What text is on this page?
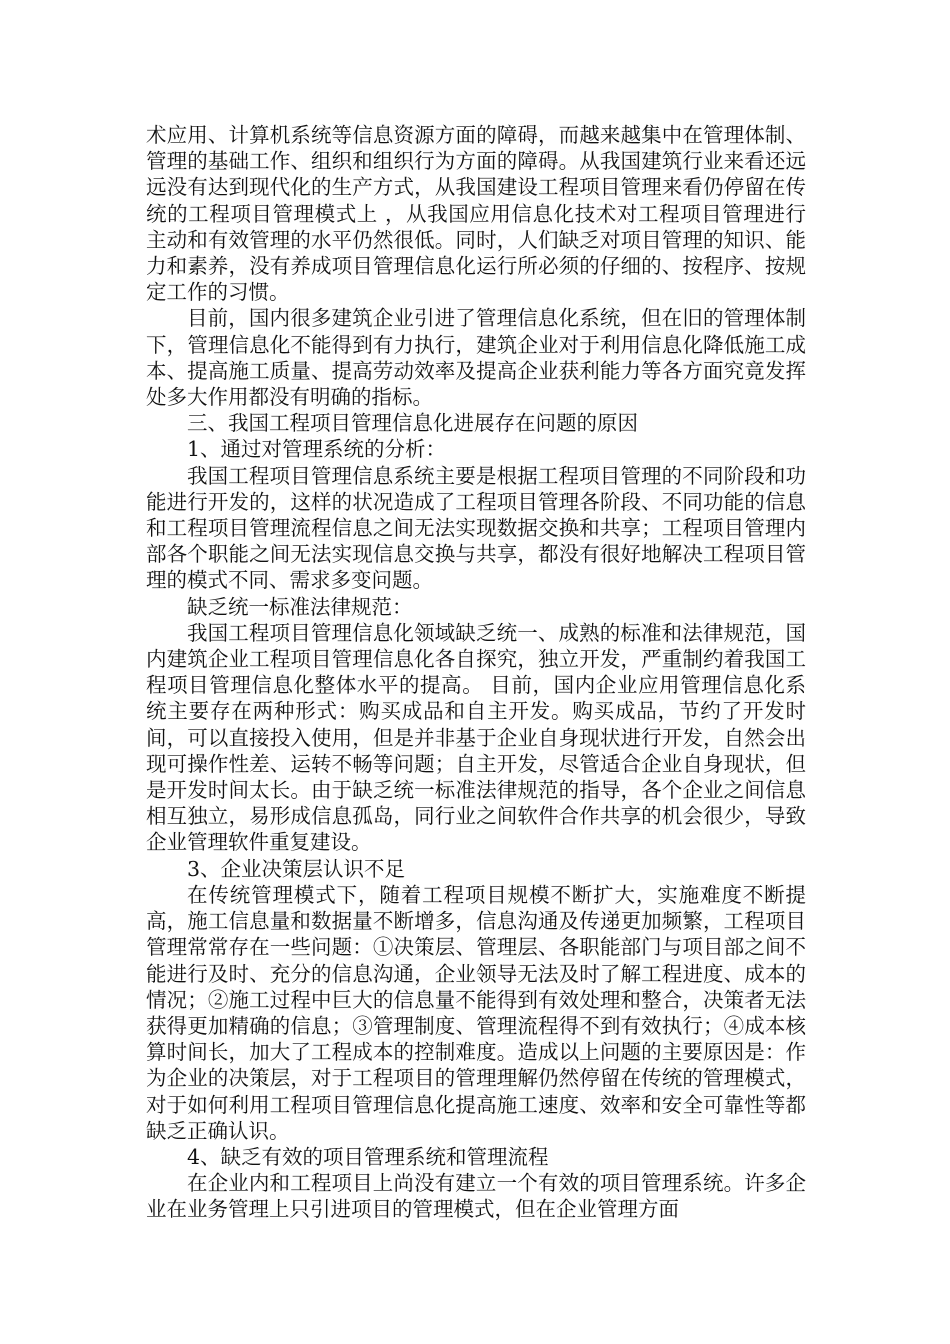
术应用、计算机系统等信息资源方面的障碍，而越来越集中在管理体制、管理的基础工作、组织和组织行为方面的障碍。从我国建筑行业来看还远远没有达到现代化的生产方式，从我国建设工程项目管理来看仍停留在传统的工程项目管理模式上 ，从我国应用信息化技术对工程项目管理进行主动和有效管理的水平仍然很低。同时，人们缺乏对项目管理的知识、能力和素养，没有养成项目管理信息化运行所必须的仔细的、按程序、按规定工作的习惯。

目前，国内很多建筑企业引进了管理信息化系统，但在旧的管理体制下，管理信息化不能得到有力执行，建筑企业对于利用信息化降低施工成本、提高施工质量、提高劳动效率及提高企业获利能力等各方面究竟发挥处多大作用都没有明确的指标。

三、我国工程项目管理信息化进展存在问题的原因

1、通过对管理系统的分析：

我国工程项目管理信息系统主要是根据工程项目管理的不同阶段和功能进行开发的，这样的状况造成了工程项目管理各阶段、不同功能的信息和工程项目管理流程信息之间无法实现数据交换和共享；工程项目管理内部各个职能之间无法实现信息交换与共享，都没有很好地解决工程项目管理的模式不同、需求多变问题。

缺乏统一标准法律规范：

我国工程项目管理信息化领域缺乏统一、成熟的标准和法律规范，国内建筑企业工程项目管理信息化各自探究，独立开发，严重制约着我国工程项目管理信息化整体水平的提高。 目前，国内企业应用管理信息化系统主要存在两种形式：购买成品和自主开发。购买成品，节约了开发时间，可以直接投入使用，但是并非基于企业自身现状进行开发，自然会出现可操作性差、运转不畅等问题；自主开发，尽管适合企业自身现状，但是开发时间太长。由于缺乏统一标准法律规范的指导，各个企业之间信息相互独立，易形成信息孤岛，同行业之间软件合作共享的机会很少，导致企业管理软件重复建设。

3、企业决策层认识不足

在传统管理模式下，随着工程项目规模不断扩大，实施难度不断提高，施工信息量和数据量不断增多，信息沟通及传递更加频繁，工程项目管理常常存在一些问题：①决策层、管理层、各职能部门与项目部之间不能进行及时、充分的信息沟通，企业领导无法及时了解工程进度、成本的情况；②施工过程中巨大的信息量不能得到有效处理和整合，决策者无法获得更加精确的信息；③管理制度、管理流程得不到有效执行；④成本核算时间长，加大了工程成本的控制难度。造成以上问题的主要原因是：作为企业的决策层，对于工程项目的管理理解仍然停留在传统的管理模式，对于如何利用工程项目管理信息化提高施工速度、效率和安全可靠性等都缺乏正确认识。

4、缺乏有效的项目管理系统和管理流程

在企业内和工程项目上尚没有建立一个有效的项目管理系统。许多企业在业务管理上只引进项目的管理模式，但在企业管理方面
